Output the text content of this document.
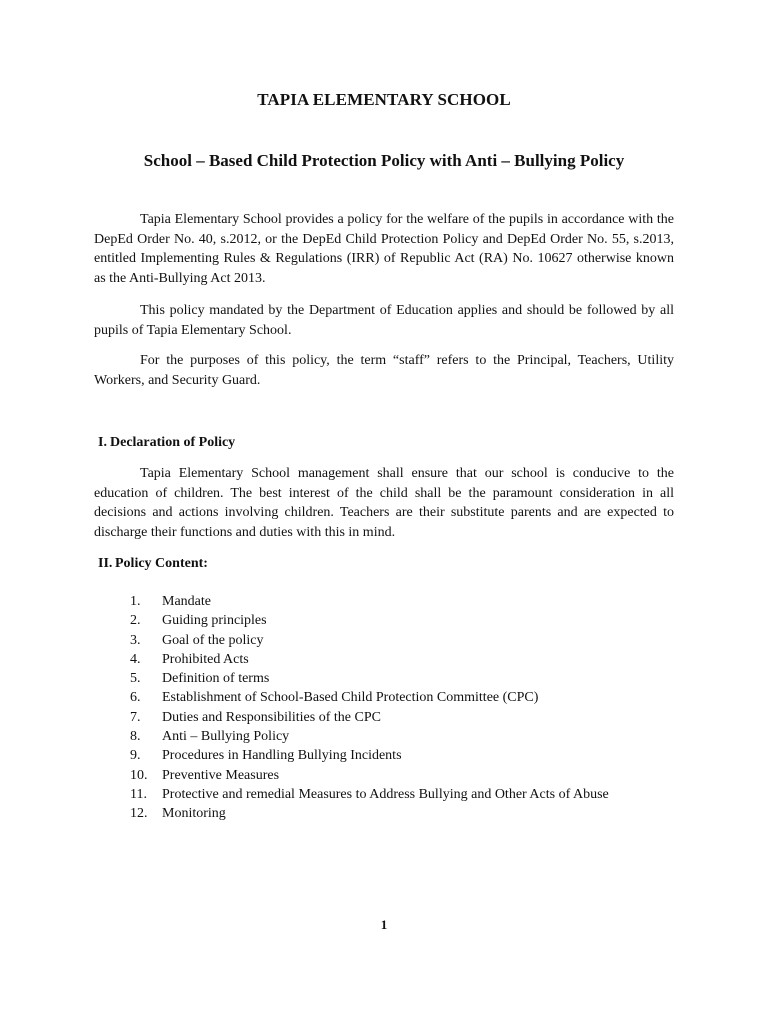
TAPIA ELEMENTARY SCHOOL
School – Based Child Protection Policy with Anti – Bullying Policy
Tapia Elementary School provides a policy for the welfare of the pupils in accordance with the DepEd Order No. 40, s.2012, or the DepEd Child Protection Policy and DepEd Order No. 55, s.2013, entitled Implementing Rules & Regulations (IRR) of Republic Act (RA) No. 10627 otherwise known as the Anti-Bullying Act 2013.
This policy mandated by the Department of Education applies and should be followed by all pupils of Tapia Elementary School.
For the purposes of this policy, the term “staff” refers to the Principal, Teachers, Utility Workers, and Security Guard.
I. Declaration of Policy
Tapia Elementary School management shall ensure that our school is conducive to the education of children. The best interest of the child shall be the paramount consideration in all decisions and actions involving children. Teachers are their substitute parents and are expected to discharge their functions and duties with this in mind.
II. Policy Content:
1. Mandate
2. Guiding principles
3. Goal of the policy
4. Prohibited Acts
5. Definition of terms
6. Establishment of School-Based Child Protection Committee (CPC)
7. Duties and Responsibilities of the CPC
8. Anti – Bullying Policy
9. Procedures in Handling Bullying Incidents
10. Preventive Measures
11. Protective and remedial Measures to Address Bullying and Other Acts of Abuse
12. Monitoring
1
